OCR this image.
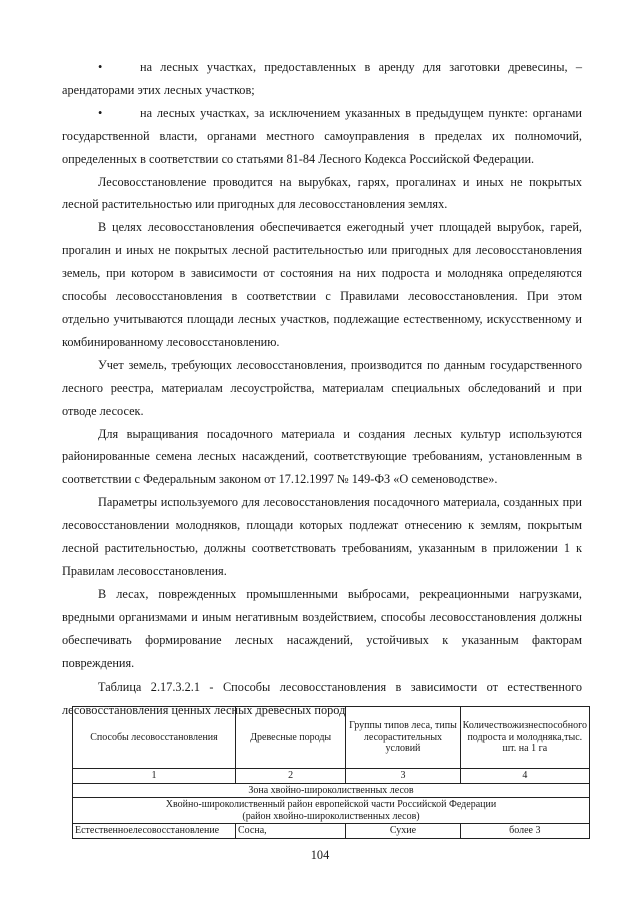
•	на лесных участках, предоставленных в аренду для заготовки древесины, – арендаторами этих лесных участков;

•	на лесных участках, за исключением указанных в предыдущем пункте: органами государственной власти, органами местного самоуправления в пределах их полномочий, определенных в соответствии со статьями 81-84 Лесного Кодекса Российской Федерации.

Лесовосстановление проводится на вырубках, гарях, прогалинах и иных не покрытых лесной растительностью или пригодных для лесовосстановления землях.

В целях лесовосстановления обеспечивается ежегодный учет площадей вырубок, гарей, прогалин и иных не покрытых лесной растительностью или пригодных для лесовосстановления земель, при котором в зависимости от состояния на них подроста и молодняка определяются способы лесовосстановления в соответствии с Правилами лесовосстановления. При этом отдельно учитываются площади лесных участков, подлежащие естественному, искусственному и комбинированному лесовосстановлению.

Учет земель, требующих лесовосстановления, производится по данным государственного лесного реестра, материалам лесоустройства, материалам специальных обследований и при отводе лесосек.

Для выращивания посадочного материала и создания лесных культур используются районированные семена лесных насаждений, соответствующие требованиям, установленным в соответствии с Федеральным законом от 17.12.1997 № 149-ФЗ «О семеноводстве».

Параметры используемого для лесовосстановления посадочного материала, созданных при лесовосстановлении молодняков, площади которых подлежат отнесению к землям, покрытым лесной растительностью, должны соответствовать требованиям, указанным в приложении 1 к Правилам лесовосстановления.

В лесах, поврежденных промышленными выбросами, рекреационными нагрузками, вредными организмами и иным негативным воздействием, способы лесовосстановления должны обеспечивать формирование лесных насаждений, устойчивых к указанным факторам повреждения.

Таблица 2.17.3.2.1 - Способы лесовосстановления в зависимости от естественного лесовосстановления ценных лесных древесных пород

Способы лесовосстановления	Древесные породы	Группы типов леса, типы лесорастительных условий	Количествожизнеспособного подроста и молодняка,тыс. шт. на 1 га
1	2	3	4
Зона хвойно-широколиственных лесов			

Хвойно-широколиственный район европейской части Российской Федерации
(район хвойно-широколиственных лесов)			

Естественноелесовосстановление	Сосна,	Сухие	более 3
104
